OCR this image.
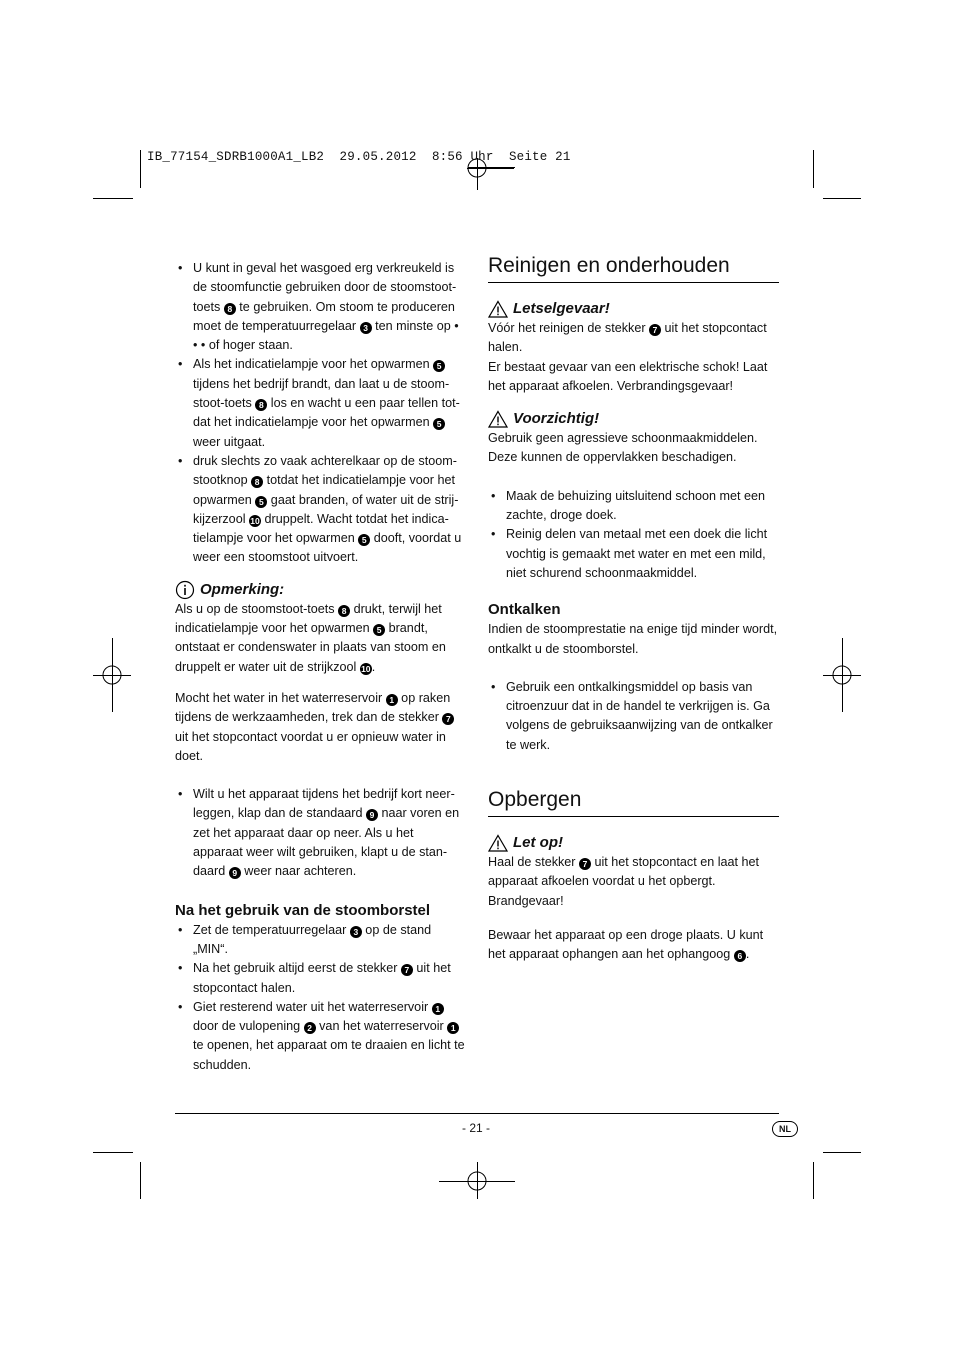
IB_77154_SDRB1000A1_LB2  29.05.2012  8:56 Uhr  Seite 21
• U kunt in geval het wasgoed erg verkreukeld is de stoomfunctie gebruiken door de stoomstoot-toets 8 te gebruiken. Om stoom te produceren moet de temperatuurregelaar 3 ten minste op • • • of hoger staan.
• Als het indicatielampje voor het opwarmen 5 tijdens het bedrijf brandt, dan laat u de stoom-stoot-toets 8 los en wacht u een paar tellen tot-dat het indicatielampje voor het opwarmen 5 weer uitgaat.
• druk slechts zo vaak achterelkaar op de stoom-stootknop 8 totdat het indicatielampje voor het opwarmen 5 gaat branden, of water uit de strij-kijzerzool 10 druppelt. Wacht totdat het indica-tielampje voor het opwarmen 5 dooft, voordat u weer een stoomstoot uitvoert.
Opmerking:

Als u op de stoomstoot-toets 8 drukt, terwijl het indicatielampje voor het opwarmen 5 brandt, ontstaat er condenswater in plaats van stoom en druppelt er water uit de strijkzool 10.

Mocht het water in het waterreservoir 1 op raken tijdens de werkzaamheden, trek dan de stekker 7 uit het stopcontact voordat u er opnieuw water in doet.

• Wilt u het apparaat tijdens het bedrijf kort neer-leggen, klap dan de standaard 9 naar voren en zet het apparaat daar op neer. Als u het apparaat weer wilt gebruiken, klapt u de stan-daard 9 weer naar achteren.
Na het gebruik van de stoomborstel
• Zet de temperatuurregelaar 3 op de stand „MIN“.
• Na het gebruik altijd eerst de stekker 7 uit het stopcontact halen.
• Giet resterend water uit het waterreservoir 1 door de vulopening 2 van het waterreservoir 1 te openen, het apparaat om te draaien en licht te schudden.
Reinigen en onderhouden
Letselgevaar!

Vóór het reinigen de stekker 7 uit het stopcontact halen.

Er bestaat gevaar van een elektrische schok! Laat het apparaat afkoelen. Verbrandingsgevaar!

Voorzichtig!

Gebruik geen agressieve schoonmaakmiddelen. Deze kunnen de oppervlakken beschadigen.

• Maak de behuizing uitsluitend schoon met een zachte, droge doek.
• Reinig delen van metaal met een doek die licht vochtig is gemaakt met water en met een mild, niet schurend schoonmaakmiddel.
Ontkalken

Indien de stoomprestatie na enige tijd minder wordt, ontkalkt u de stoomborstel.

• Gebruik een ontkalkingsmiddel op basis van citroenzuur dat in de handel te verkrijgen is. Ga volgens de gebruiksaanwijzing van de ontkalker te werk.
Opbergen
Let op!

Haal de stekker 7 uit het stopcontact en laat het apparaat afkoelen voordat u het opbergt. Brandgevaar!

Bewaar het apparaat op een droge plaats. U kunt het apparaat ophangen aan het ophangoog 6 .

- 21 -	NL
